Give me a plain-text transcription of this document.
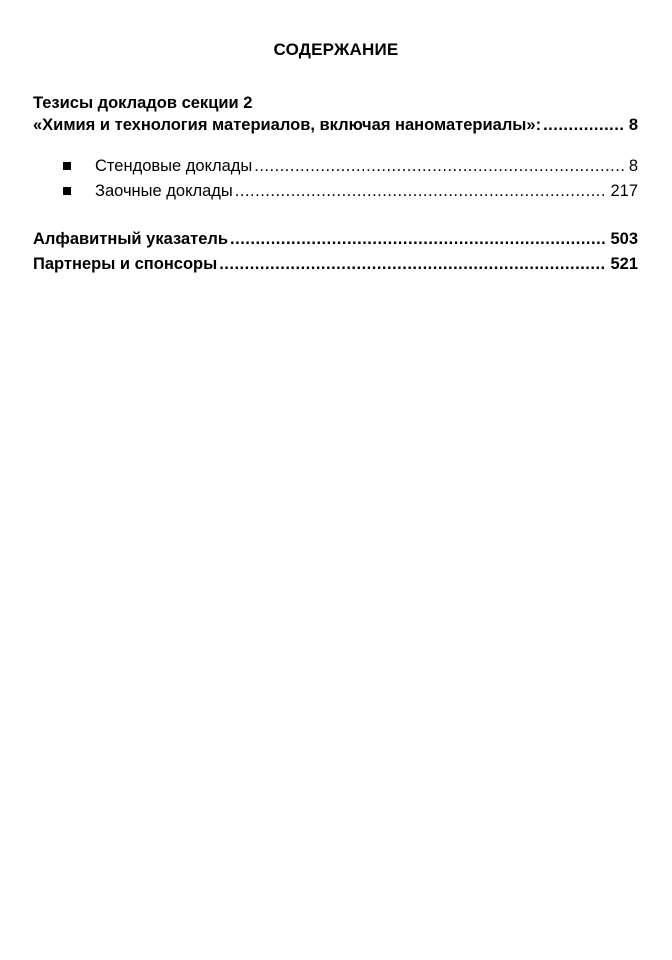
СОДЕРЖАНИЕ
Тезисы докладов секции 2
«Химия и технология материалов, включая наноматериалы»: .....	8
Стендовые доклады .....	8
Заочные доклады .....	217
Алфавитный указатель .....	503
Партнеры и спонсоры .....	521
